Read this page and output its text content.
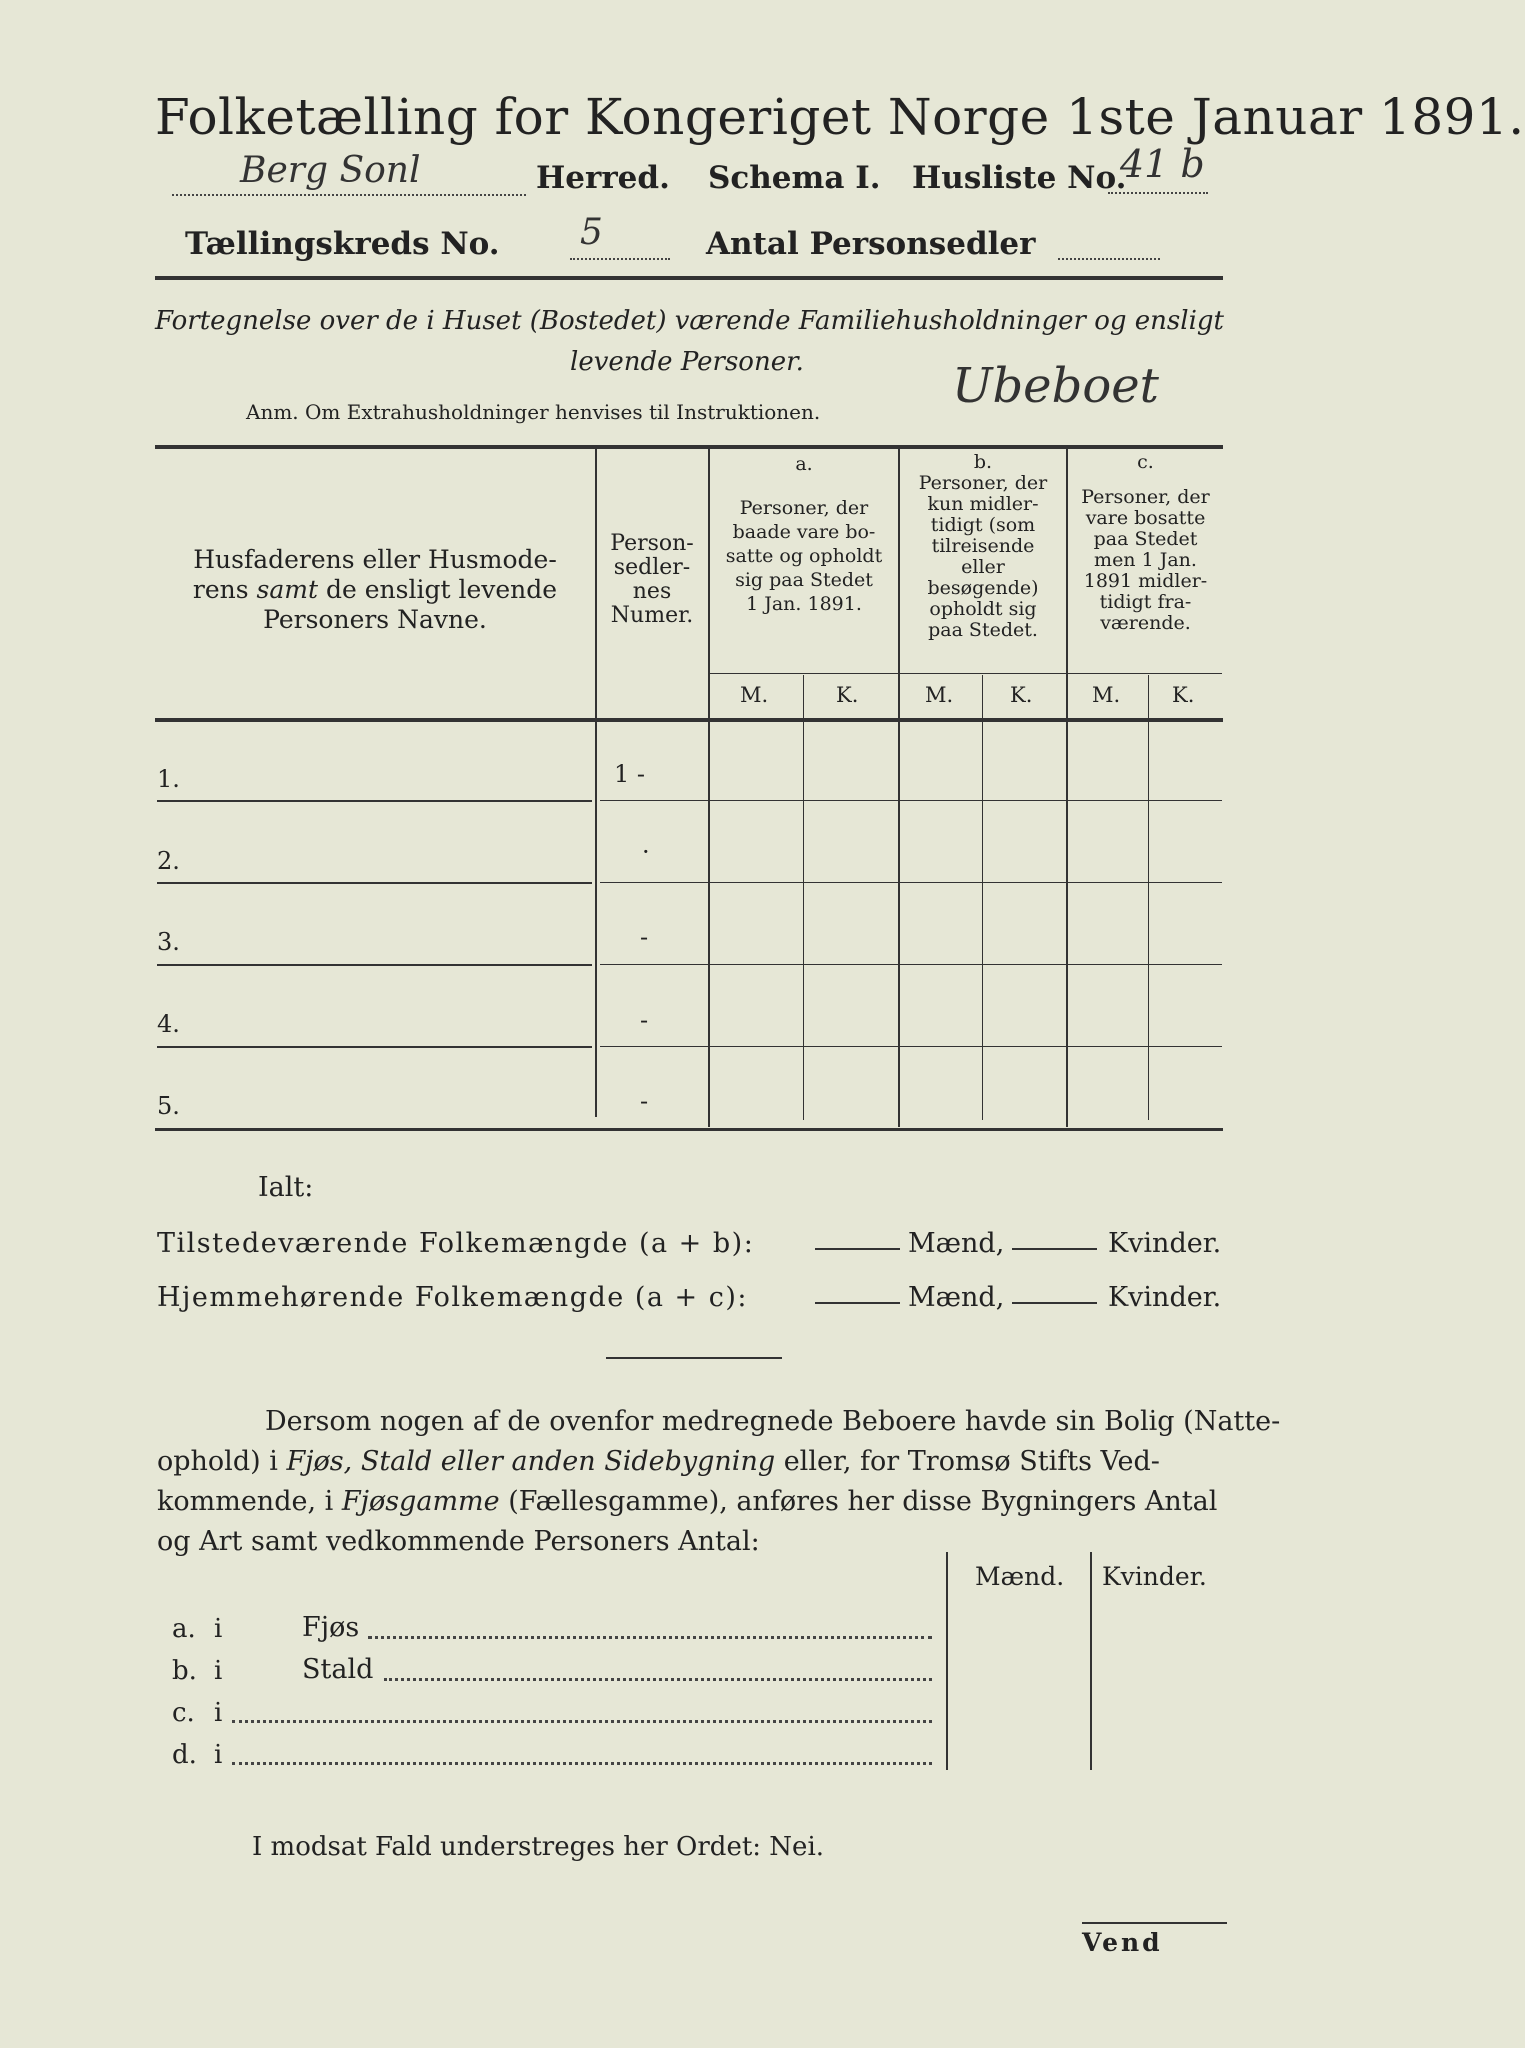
Folketælling for Kongeriget Norge 1ste Januar 1891.
Berg Sonl	Herred. Schema I. Husliste No.
41 b
Tællingskreds No. 5	Antal Personsedler
Fortegnelse over de i Huset (Bostedet) værende Familiehusholdninger og ensligt
levende Personer.
Anm. Om Extrahusholdninger henvises til Instruktionen.	Ubeboet
Husfaderens eller Husmode-
rens samt de ensligt levende
Personers Navne.
Person-
sedler-
nes
Numer.
a.
Personer, der
baade vare bo-
satte og opholdt
sig paa Stedet
1 Jan. 1891.
b.
Personer, der
kun midler-
tidigt (som
tilreisende
eller
besøgende)
opholdt sig
paa Stedet.
c.
Personer, der
vare bosatte
paa Stedet
men 1 Jan.
1891 midler-
tidigt fra-
værende.
M.	K.	M.	K.	M. K.
1.	1 -
2.	·
3.	-
4.	-
5.	-
Ialt:
Tilstedeværende Folkemængde (a + b):	Mænd,	Kvinder.
Hjemmehørende Folkemængde (a + c):	Mænd,	Kvinder.
Dersom nogen af de ovenfor medregnede Beboere havde sin Bolig (Natte-
ophold) i Fjøs, Stald eller anden Sidebygning eller, for Tromsø Stifts Ved-
kommende, i Fjøsgamme (Fællesgamme), anføres her disse Bygningers Antal
og Art samt vedkommende Personers Antal:
Mænd. Kvinder.
a. i	Fjøs
b. i	Stald
c. i
d. i
I modsat Fald understreges her Ordet: Nei.
Vend
